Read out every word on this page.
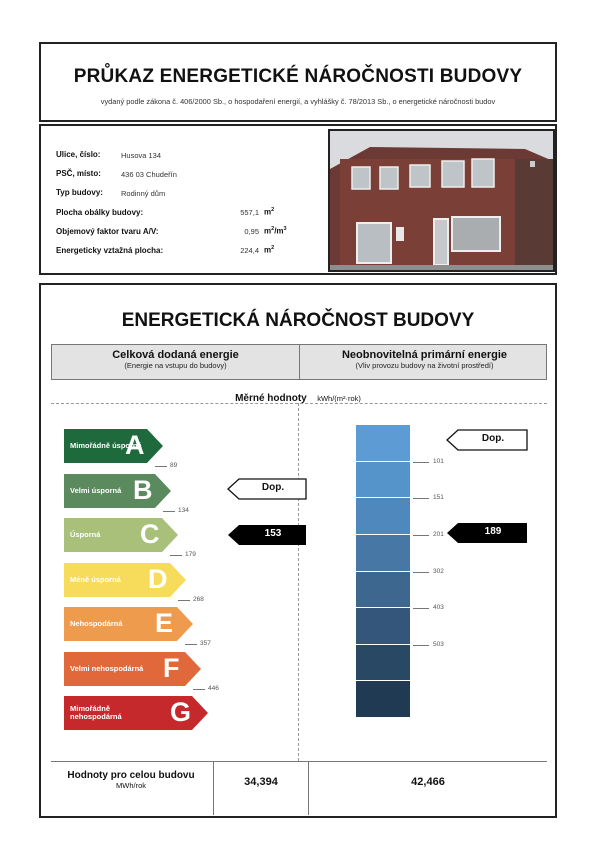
PRŮKAZ ENERGETICKÉ NÁROČNOSTI BUDOVY
vydaný podle zákona č. 406/2000 Sb., o hospodaření energií, a vyhlášky č. 78/2013 Sb., o energetické náročnosti budov
Ulice, číslo:	Husova 134
PSČ, místo:	436 03 Chudeřín
Typ budovy: Rodinný dům
Plocha obálky budovy:	557,1 $m^2$
Objemový faktor tvaru A/V:	0,95 $m^2/m^3$
Energeticky vztažná plocha:	224,4 $m^2$
ENERGETICKÁ NÁROČNOST BUDOVY
Celková dodaná energie
(Energie na vstupu do budovy)
Neobnovitelná primární energie
(Vliv provozu budovy na životní prostředí)
Měrné hodnoty kWh/(m²·rok)
Mimořádně úsporná
A
Velmi úsporná B
Úsporná	C
Méně úsporná	D
Nehospodárná	E
Velmi nehospodárná F
Mimořádně nehospodárná	G
89
134
179
268
357
446
Dop.
153
101
151
201
302
403
503
Dop.
189
Hodnoty pro celou budovu
MWh/rok	34,394	42,466
